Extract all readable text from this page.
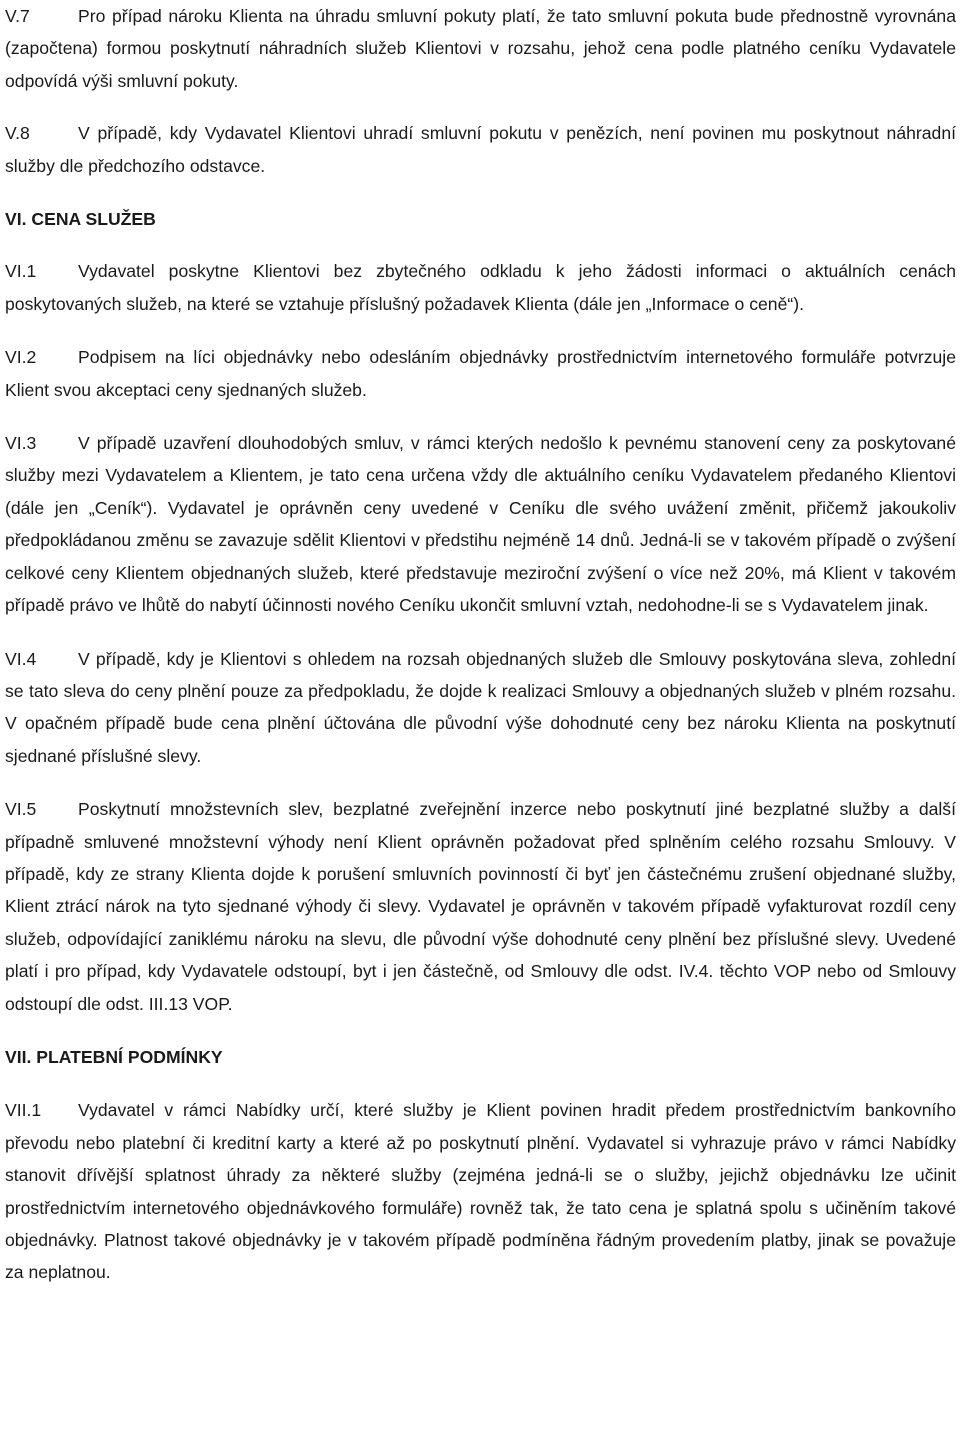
V.7	Pro případ nároku Klienta na úhradu smluvní pokuty platí, že tato smluvní pokuta bude přednostně vyrovnána (započtena) formou poskytnutí náhradních služeb Klientovi v rozsahu, jehož cena podle platného ceníku Vydavatele odpovídá výši smluvní pokuty.

V.8	V případě, kdy Vydavatel Klientovi uhradí smluvní pokutu v penězích, není povinen mu poskytnout náhradní služby dle předchozího odstavce.

VI. CENA SLUŽEB

VI.1 Vydavatel poskytne Klientovi bez zbytečného odkladu k jeho žádosti informaci o aktuálních cenách poskytovaných služeb, na které se vztahuje příslušný požadavek Klienta (dále jen „Informace o ceně“).

VI.2 Podpisem na líci objednávky nebo odesláním objednávky prostřednictvím internetového formuláře potvrzuje Klient svou akceptaci ceny sjednaných služeb.

VI.3 V případě uzavření dlouhodobých smluv, v rámci kterých nedošlo k pevnému stanovení ceny za poskytované služby mezi Vydavatelem a Klientem, je tato cena určena vždy dle aktuálního ceníku Vydavatelem předaného Klientovi (dále jen „Ceník“). Vydavatel je oprávněn ceny uvedené v Ceníku dle svého uvážení změnit, přičemž jakoukoliv předpokládanou změnu se zavazuje sdělit Klientovi v předstihu nejméně 14 dnů. Jedná-li se v takovém případě o zvýšení celkové ceny Klientem objednaných služeb, které představuje meziroční zvýšení o více než 20%, má Klient v takovém případě právo ve lhůtě do nabytí účinnosti nového Ceníku ukončit smluvní vztah, nedohodne-li se s Vydavatelem jinak.

VI.4 V případě, kdy je Klientovi s ohledem na rozsah objednaných služeb dle Smlouvy poskytována sleva, zohlední se tato sleva do ceny plnění pouze za předpokladu, že dojde k realizaci Smlouvy a objednaných služeb v plném rozsahu. V opačném případě bude cena plnění účtována dle původní výše dohodnuté ceny bez nároku Klienta na poskytnutí sjednané příslušné slevy.

VI.5 Poskytnutí množstevních slev, bezplatné zveřejnění inzerce nebo poskytnutí jiné bezplatné služby a další případně smluvené množstevní výhody není Klient oprávněn požadovat před splněním celého rozsahu Smlouvy. V případě, kdy ze strany Klienta dojde k porušení smluvních povinností či byť jen částečnému zrušení objednané služby, Klient ztrácí nárok na tyto sjednané výhody či slevy. Vydavatel je oprávněn v takovém případě vyfakturovat rozdíl ceny služeb, odpovídající zaniklému nároku na slevu, dle původní výše dohodnuté ceny plnění bez příslušné slevy. Uvedené platí i pro případ, kdy Vydavatele odstoupí, byt i jen částečně, od Smlouvy dle odst. IV.4. těchto VOP nebo od Smlouvy odstoupí dle odst. III.13 VOP.

VII. PLATEBNÍ PODMÍNKY

VII.1 Vydavatel v rámci Nabídky určí, které služby je Klient povinen hradit předem prostřednictvím bankovního převodu nebo platební či kreditní karty a které až po poskytnutí plnění. Vydavatel si vyhrazuje právo v rámci Nabídky stanovit dřívější splatnost úhrady za některé služby (zejména jedná-li se o služby, jejichž objednávku lze učinit prostřednictvím internetového objednávkového formuláře) rovněž tak, že tato cena je splatná spolu s učiněním takové objednávky. Platnost takové objednávky je v takovém případě podmíněna řádným provedením platby, jinak se považuje za neplatnou.
